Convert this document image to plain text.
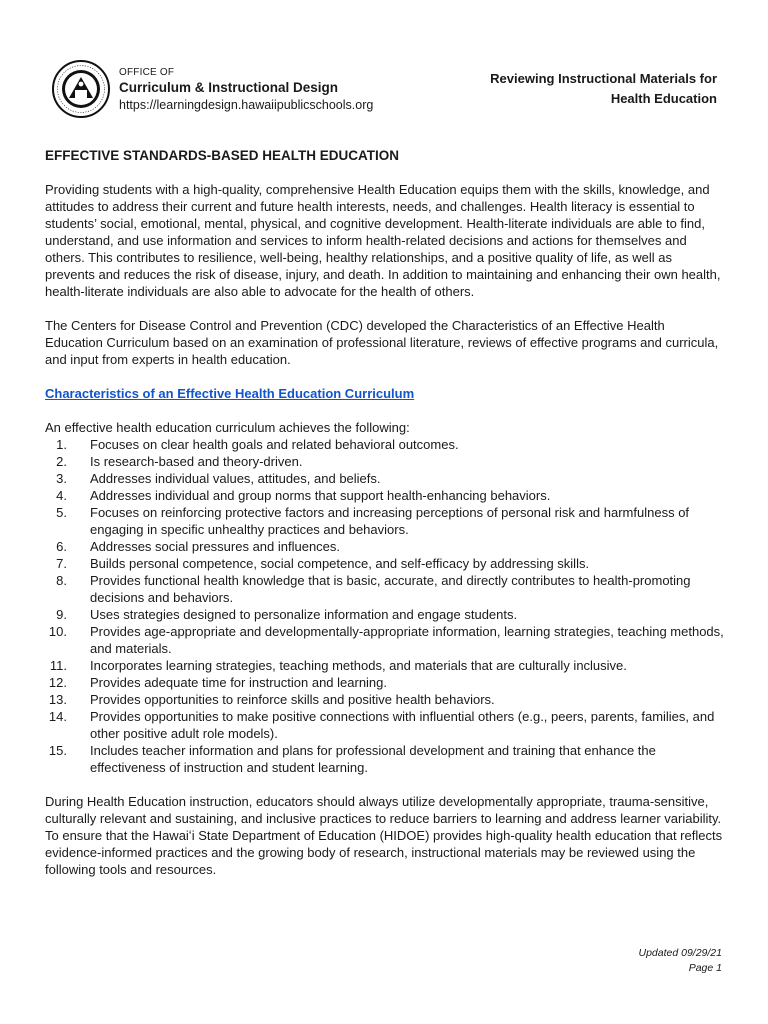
OFFICE OF
Curriculum & Instructional Design
https://learningdesign.hawaiipublicschools.org
Reviewing Instructional Materials for
Health Education
EFFECTIVE STANDARDS-BASED HEALTH EDUCATION

Providing students with a high-quality, comprehensive Health Education equips them with the skills, knowledge, and attitudes to address their current and future health interests, needs, and challenges. Health literacy is essential to students’ social, emotional, mental, physical, and cognitive development. Health-literate individuals are able to find, understand, and use information and services to inform health-related decisions and actions for themselves and others. This contributes to resilience, well-being, healthy relationships, and a positive quality of life, as well as prevents and reduces the risk of disease, injury, and death. In addition to maintaining and enhancing their own health, health-literate individuals are also able to advocate for the health of others.

The Centers for Disease Control and Prevention (CDC) developed the Characteristics of an Effective Health Education Curriculum based on an examination of professional literature, reviews of effective programs and curricula, and input from experts in health education.

Characteristics of an Effective Health Education Curriculum

An effective health education curriculum achieves the following:

1. Focuses on clear health goals and related behavioral outcomes.
2. Is research-based and theory-driven.
3. Addresses individual values, attitudes, and beliefs.
4. Addresses individual and group norms that support health-enhancing behaviors.
5. Focuses on reinforcing protective factors and increasing perceptions of personal risk and harmfulness of engaging in specific unhealthy practices and behaviors.
6. Addresses social pressures and influences.
7. Builds personal competence, social competence, and self-efficacy by addressing skills.
8. Provides functional health knowledge that is basic, accurate, and directly contributes to health-promoting decisions and behaviors.
9. Uses strategies designed to personalize information and engage students.
10. Provides age-appropriate and developmentally-appropriate information, learning strategies, teaching methods, and materials.
11. Incorporates learning strategies, teaching methods, and materials that are culturally inclusive.
12. Provides adequate time for instruction and learning.
13. Provides opportunities to reinforce skills and positive health behaviors.
14. Provides opportunities to make positive connections with influential others (e.g., peers, parents, families, and other positive adult role models).
15. Includes teacher information and plans for professional development and training that enhance the effectiveness of instruction and student learning.

During Health Education instruction, educators should always utilize developmentally appropriate, trauma-sensitive, culturally relevant and sustaining, and inclusive practices to reduce barriers to learning and address learner variability. To ensure that the Hawaiʻi State Department of Education (HIDOE) provides high-quality health education that reflects evidence-informed practices and the growing body of research, instructional materials may be reviewed using the following tools and resources.

Updated 09/29/21
Page 1
